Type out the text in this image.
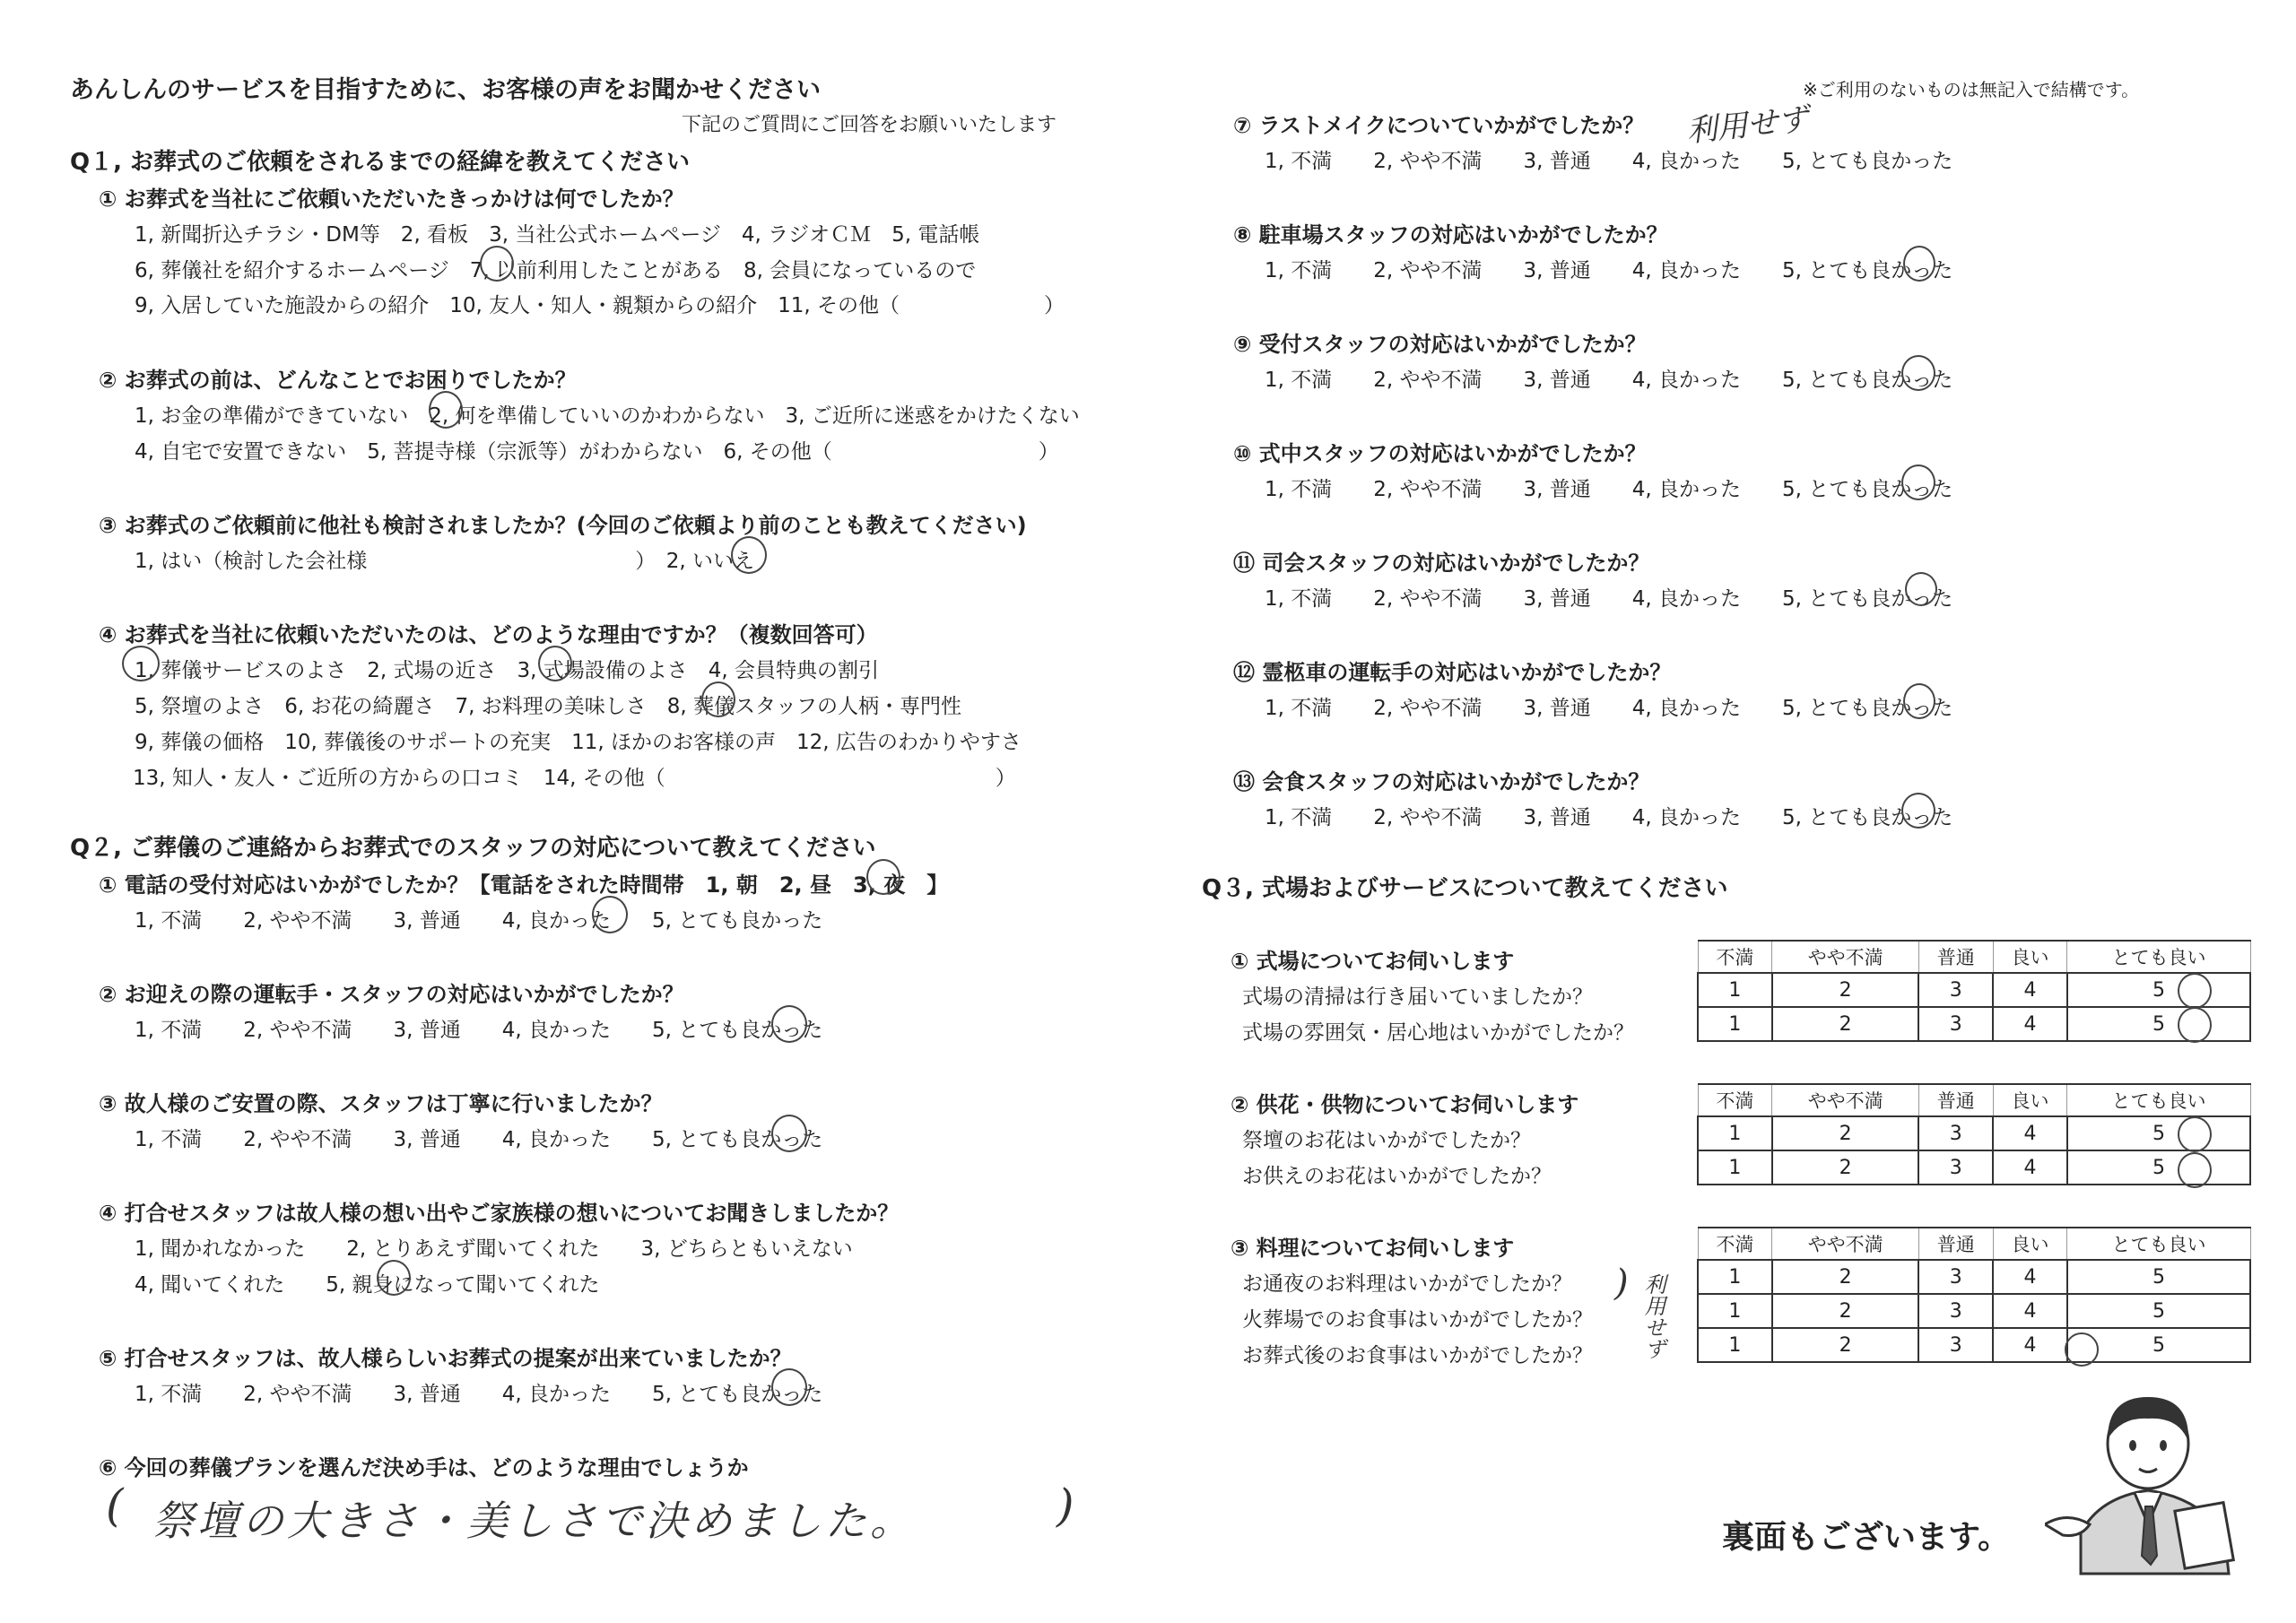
あんしんのサービスを目指すために、お客様の声をお聞かせください
下記のご質問にご回答をお願いいたします
※ご利用のないものは無記入で結構です。
Q１, お葬式のご依頼をされるまでの経緯を教えてください
① お葬式を当社にご依頼いただいたきっかけは何でしたか？
1, 新聞折込チラシ・DM等　2, 看板　3, 当社公式ホームページ　4, ラジオＣＭ　5, 電話帳
6, 葬儀社を紹介するホームページ　7, 以前利用したことがある　8, 会員になっているので
9, 入居していた施設からの紹介　10, 友人・知人・親類からの紹介　11, その他（　　　　　　　）
② お葬式の前は、どんなことでお困りでしたか？
1, お金の準備ができていない　2, 何を準備していいのかわからない　3, ご近所に迷惑をかけたくない
4, 自宅で安置できない　5, 菩提寺様（宗派等）がわからない　6, その他（　　　　　　　　　　）
③ お葬式のご依頼前に他社も検討されましたか？(今回のご依頼より前のことも教えてください)
1, はい（検討した会社様　　　　　　　　　　　　　）　2, いいえ
④ お葬式を当社に依頼いただいたのは、どのような理由ですか？（複数回答可）
1, 葬儀サービスのよさ　2, 式場の近さ　3, 式場設備のよさ　4, 会員特典の割引
5, 祭壇のよさ　6, お花の綺麗さ　7, お料理の美味しさ　8, 葬儀スタッフの人柄・専門性
9, 葬儀の価格　10, 葬儀後のサポートの充実　11, ほかのお客様の声　12, 広告のわかりやすさ
13, 知人・友人・ご近所の方からの口コミ　14, その他（　　　　　　　　　　　　　　　　）
Q２, ご葬儀のご連絡からお葬式でのスタッフの対応について教えてください
① 電話の受付対応はいかがでしたか？【電話をされた時間帯　1, 朝　2, 昼　3, 夜　】
1, 不満　　2, やや不満　　3, 普通　　4, 良かった　　5, とても良かった
② お迎えの際の運転手・スタッフの対応はいかがでしたか？
1, 不満　　2, やや不満　　3, 普通　　4, 良かった　　5, とても良かった
③ 故人様のご安置の際、スタッフは丁寧に行いましたか？
1, 不満　　2, やや不満　　3, 普通　　4, 良かった　　5, とても良かった
④ 打合せスタッフは故人様の想い出やご家族様の想いについてお聞きしましたか？
1, 聞かれなかった　　2, とりあえず聞いてくれた　　3, どちらともいえない
4, 聞いてくれた　　5, 親身になって聞いてくれた
⑤ 打合せスタッフは、故人様らしいお葬式の提案が出来ていましたか？
1, 不満　　2, やや不満　　3, 普通　　4, 良かった　　5, とても良かった
⑥ 今回の葬儀プランを選んだ決め手は、どのような理由でしょうか
( 祭壇の大きさ・美しさで決めました。	)
⑦ ラストメイクについていかがでしたか？ 利用せず
1, 不満　　2, やや不満　　3, 普通　　4, 良かった　　5, とても良かった
⑧ 駐車場スタッフの対応はいかがでしたか？
1, 不満　　2, やや不満　　3, 普通　　4, 良かった　　5, とても良かった
⑨ 受付スタッフの対応はいかがでしたか？
1, 不満　　2, やや不満　　3, 普通　　4, 良かった　　5, とても良かった
⑩ 式中スタッフの対応はいかがでしたか？
1, 不満　　2, やや不満　　3, 普通　　4, 良かった　　5, とても良かった
⑪ 司会スタッフの対応はいかがでしたか？
1, 不満　　2, やや不満　　3, 普通　　4, 良かった　　5, とても良かった
⑫ 霊柩車の運転手の対応はいかがでしたか？
1, 不満　　2, やや不満　　3, 普通　　4, 良かった　　5, とても良かった
⑬ 会食スタッフの対応はいかがでしたか？
1, 不満　　2, やや不満　　3, 普通　　4, 良かった　　5, とても良かった
Q３, 式場およびサービスについて教えてください
① 式場についてお伺いします
式場の清掃は行き届いていましたか？
式場の雰囲気・居心地はいかがでしたか？
不満	やや不満	普通	良い	とても良い
1	2	3	4	5
1	2	3	4	5
② 供花・供物についてお伺いします
祭壇のお花はいかがでしたか？
お供えのお花はいかがでしたか？
不満	やや不満	普通	良い	とても良い
1	2	3	4	5
1	2	3	4	5
③ 料理についてお伺いします
お通夜のお料理はいかがでしたか？
火葬場でのお食事はいかがでしたか？
お葬式後のお食事はいかがでしたか？
) 利用せず
不満	やや不満	普通	良い	とても良い
1	2	3	4	5
1	2	3	4	5
1	2	3	4	5
裏面もございます。
